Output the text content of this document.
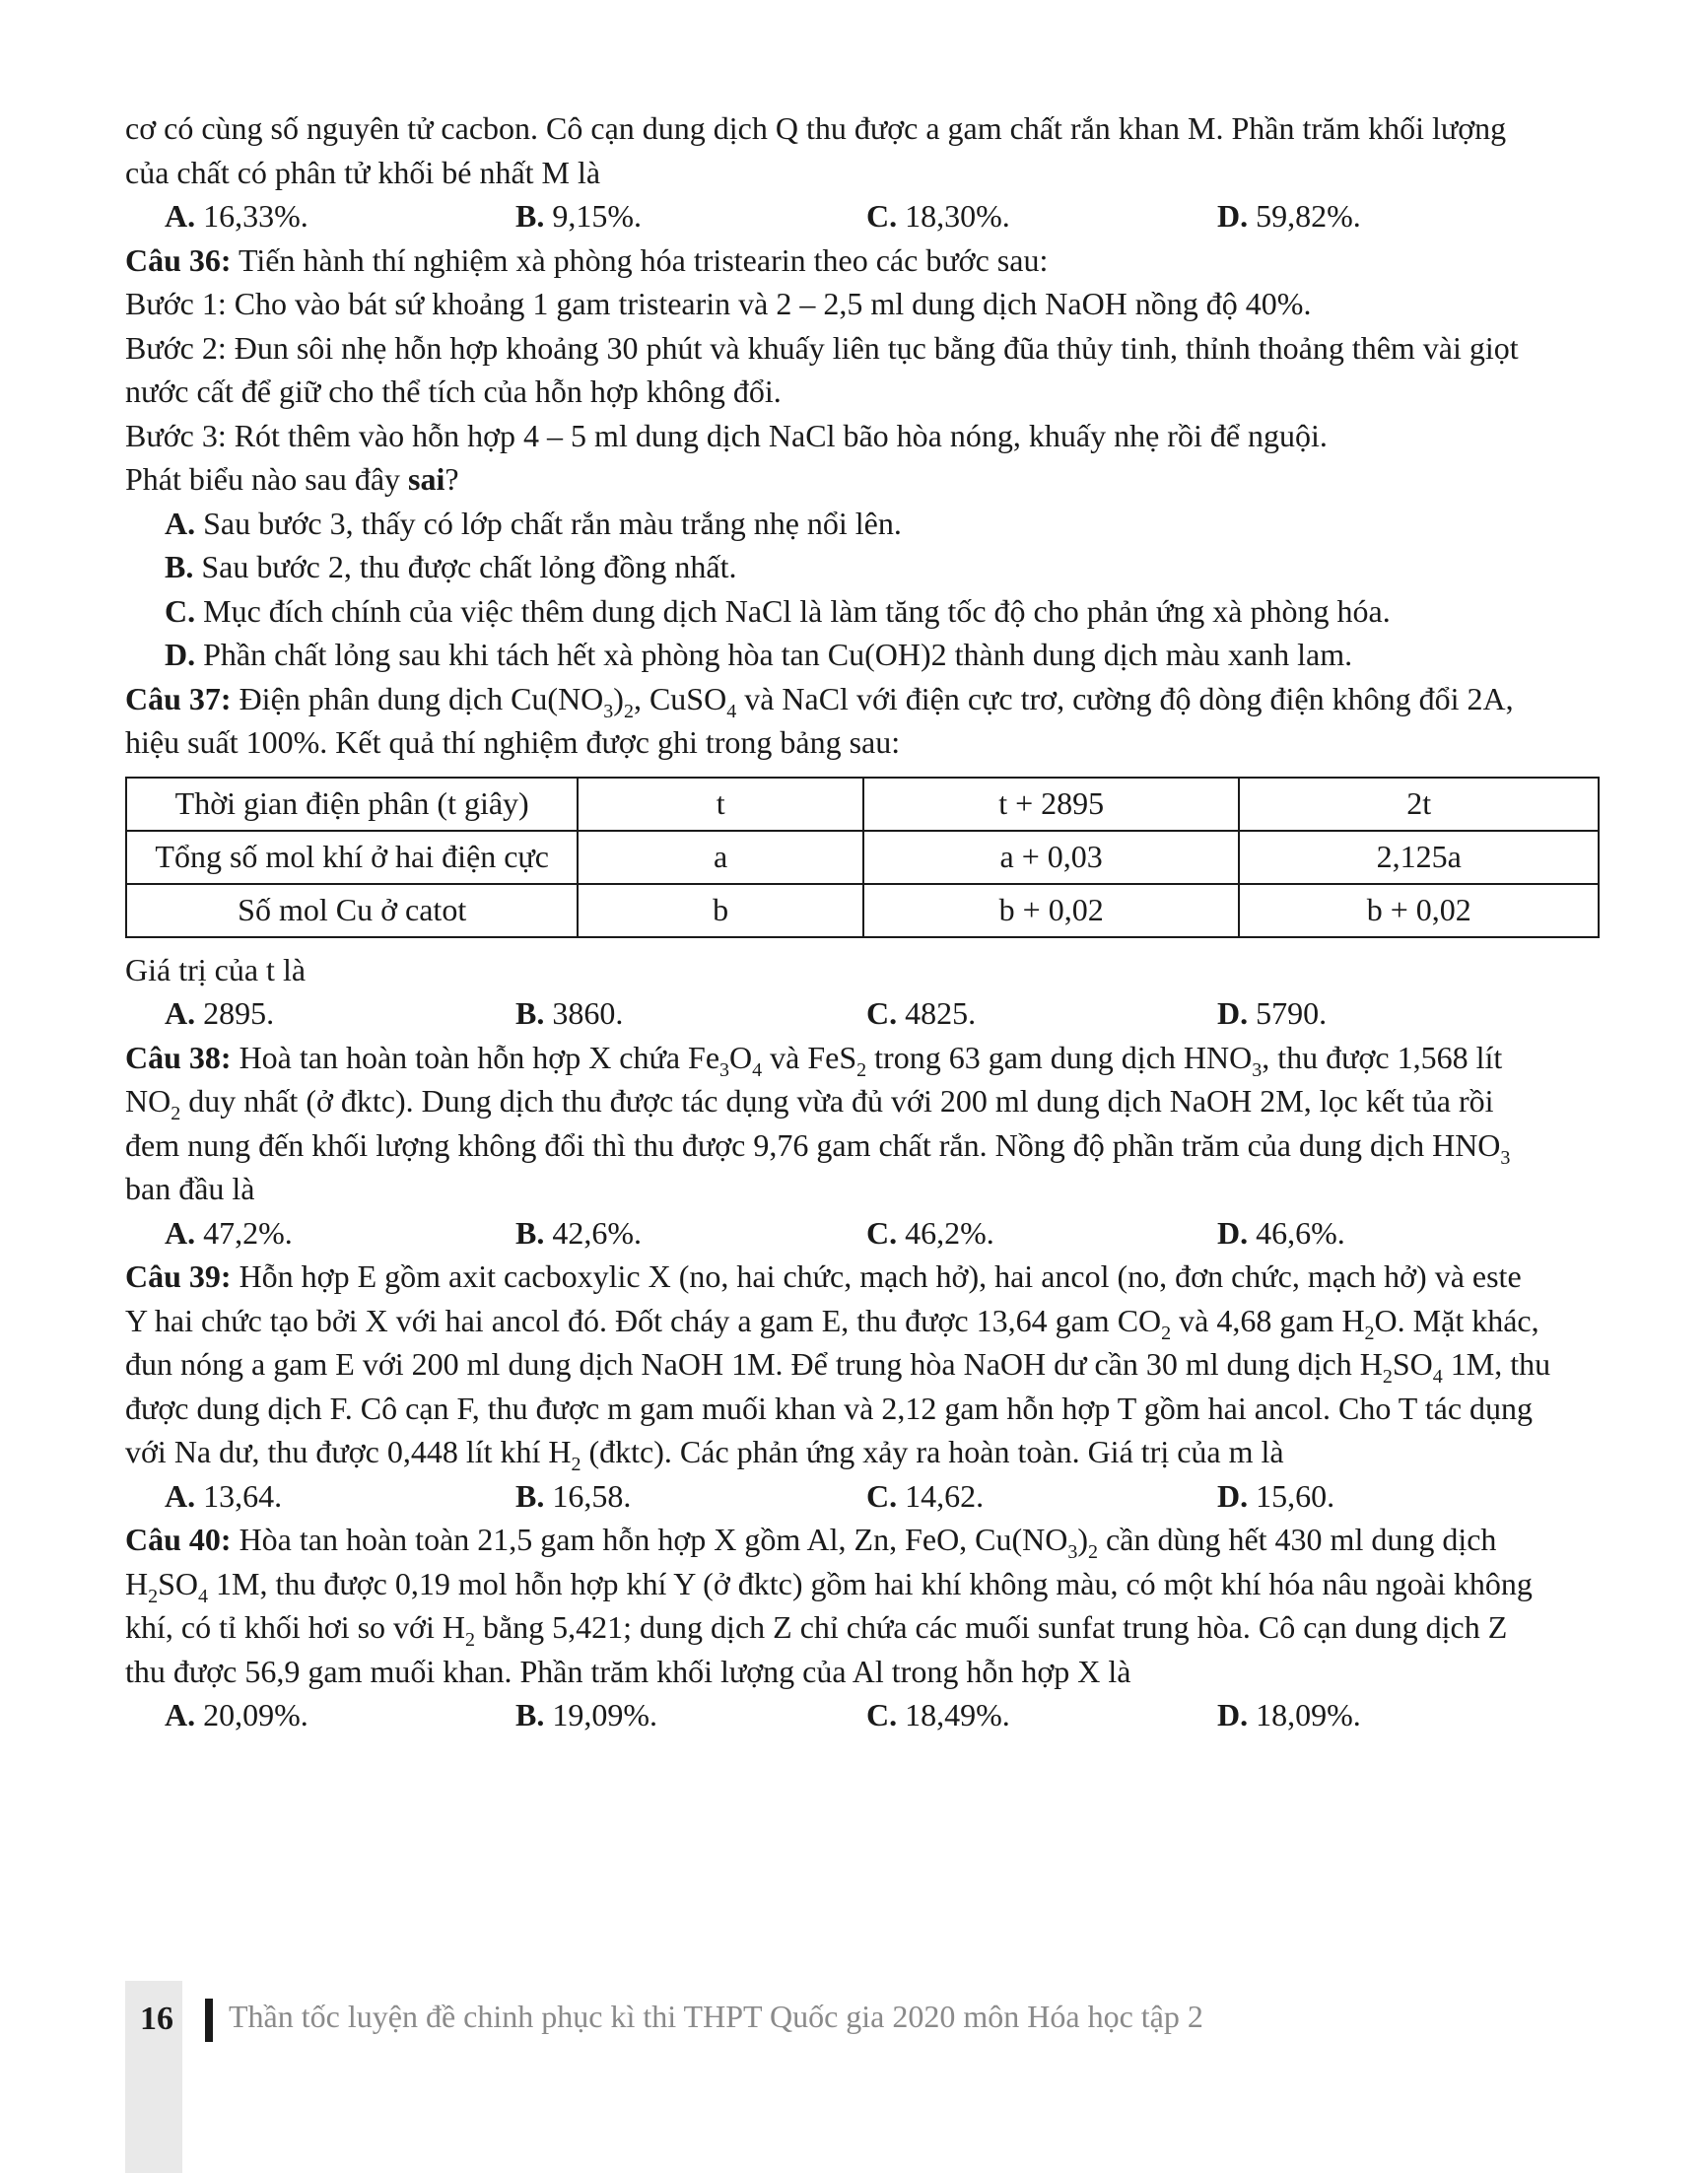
cơ có cùng số nguyên tử cacbon. Cô cạn dung dịch Q thu được a gam chất rắn khan M. Phần trăm khối lượng

của chất có phân tử khối bé nhất M là

A. 16,33%.	B. 9,15%.	C. 18,30%.	D. 59,82%.

Câu 36: Tiến hành thí nghiệm xà phòng hóa tristearin theo các bước sau:

Bước 1: Cho vào bát sứ khoảng 1 gam tristearin và 2 – 2,5 ml dung dịch NaOH nồng độ 40%.

Bước 2: Đun sôi nhẹ hỗn hợp khoảng 30 phút và khuấy liên tục bằng đũa thủy tinh, thỉnh thoảng thêm vài giọt

nước cất để giữ cho thể tích của hỗn hợp không đổi.

Bước 3: Rót thêm vào hỗn hợp 4 – 5 ml dung dịch NaCl bão hòa nóng, khuấy nhẹ rồi để nguội.

Phát biểu nào sau đây sai?

A. Sau bước 3, thấy có lớp chất rắn màu trắng nhẹ nổi lên.
B. Sau bước 2, thu được chất lỏng đồng nhất.
C. Mục đích chính của việc thêm dung dịch NaCl là làm tăng tốc độ cho phản ứng xà phòng hóa.
D. Phần chất lỏng sau khi tách hết xà phòng hòa tan Cu(OH)2 thành dung dịch màu xanh lam.

Câu 37: Điện phân dung dịch $Cu(NO_3)_2$, CuSO$_4$ và NaCl với điện cực trơ, cường độ dòng điện không đổi 2A,

hiệu suất 100%. Kết quả thí nghiệm được ghi trong bảng sau:

Thời gian điện phân (t giây)	t	t + 2895	2t
Tổng số mol khí ở hai điện cực	a	a + 0,03	2,125a
Số mol Cu ở catot	b	b + 0,02	b + 0,02

Giá trị của t là

A. 2895.	B. 3860.	C. 4825.	D. 5790.

Câu 38: Hoà tan hoàn toàn hỗn hợp X chứa $Fe_3O_4$ và FeS$_2$ trong 63 gam dung dịch $HNO_3$, thu được 1,568 lít

$NO_2$ duy nhất (ở đktc). Dung dịch thu được tác dụng vừa đủ với 200 ml dung dịch NaOH 2M, lọc kết tủa rồi

đem nung đến khối lượng không đổi thì thu được 9,76 gam chất rắn. Nồng độ phần trăm của dung dịch $HNO_3$

ban đầu là

A. 47,2%.	B. 42,6%.	C. 46,2%.	D. 46,6%.

Câu 39: Hỗn hợp E gồm axit cacboxylic X (no, hai chức, mạch hở), hai ancol (no, đơn chức, mạch hở) và este

Y hai chức tạo bởi X với hai ancol đó. Đốt cháy a gam E, thu được 13,64 gam $CO_2$ và 4,68 gam $H_2O$. Mặt khác,

đun nóng a gam E với 200 ml dung dịch NaOH 1M. Để trung hòa NaOH dư cần 30 ml dung dịch $H_2SO_4$ 1M, thu

được dung dịch F. Cô cạn F, thu được m gam muối khan và 2,12 gam hỗn hợp T gồm hai ancol. Cho T tác dụng

với Na dư, thu được 0,448 lít khí $H_2$ (đktc). Các phản ứng xảy ra hoàn toàn. Giá trị của m là

A. 13,64.	B. 16,58.	C. 14,62.	D. 15,60.

Câu 40: Hòa tan hoàn toàn 21,5 gam hỗn hợp X gồm Al, Zn, FeO, $Cu(NO_3)_2$ cần dùng hết 430 ml dung dịch

$H_2SO_4$ 1M, thu được 0,19 mol hỗn hợp khí Y (ở đktc) gồm hai khí không màu, có một khí hóa nâu ngoài không

khí, có tỉ khối hơi so với $H_2$ bằng 5,421; dung dịch Z chỉ chứa các muối sunfat trung hòa. Cô cạn dung dịch Z

thu được 56,9 gam muối khan. Phần trăm khối lượng của Al trong hỗn hợp X là

A. 20,09%.	B. 19,09%.	C. 18,49%.	D. 18,09%.
16 Thần tốc luyện đề chinh phục kì thi THPT Quốc gia 2020 môn Hóa học tập 2
